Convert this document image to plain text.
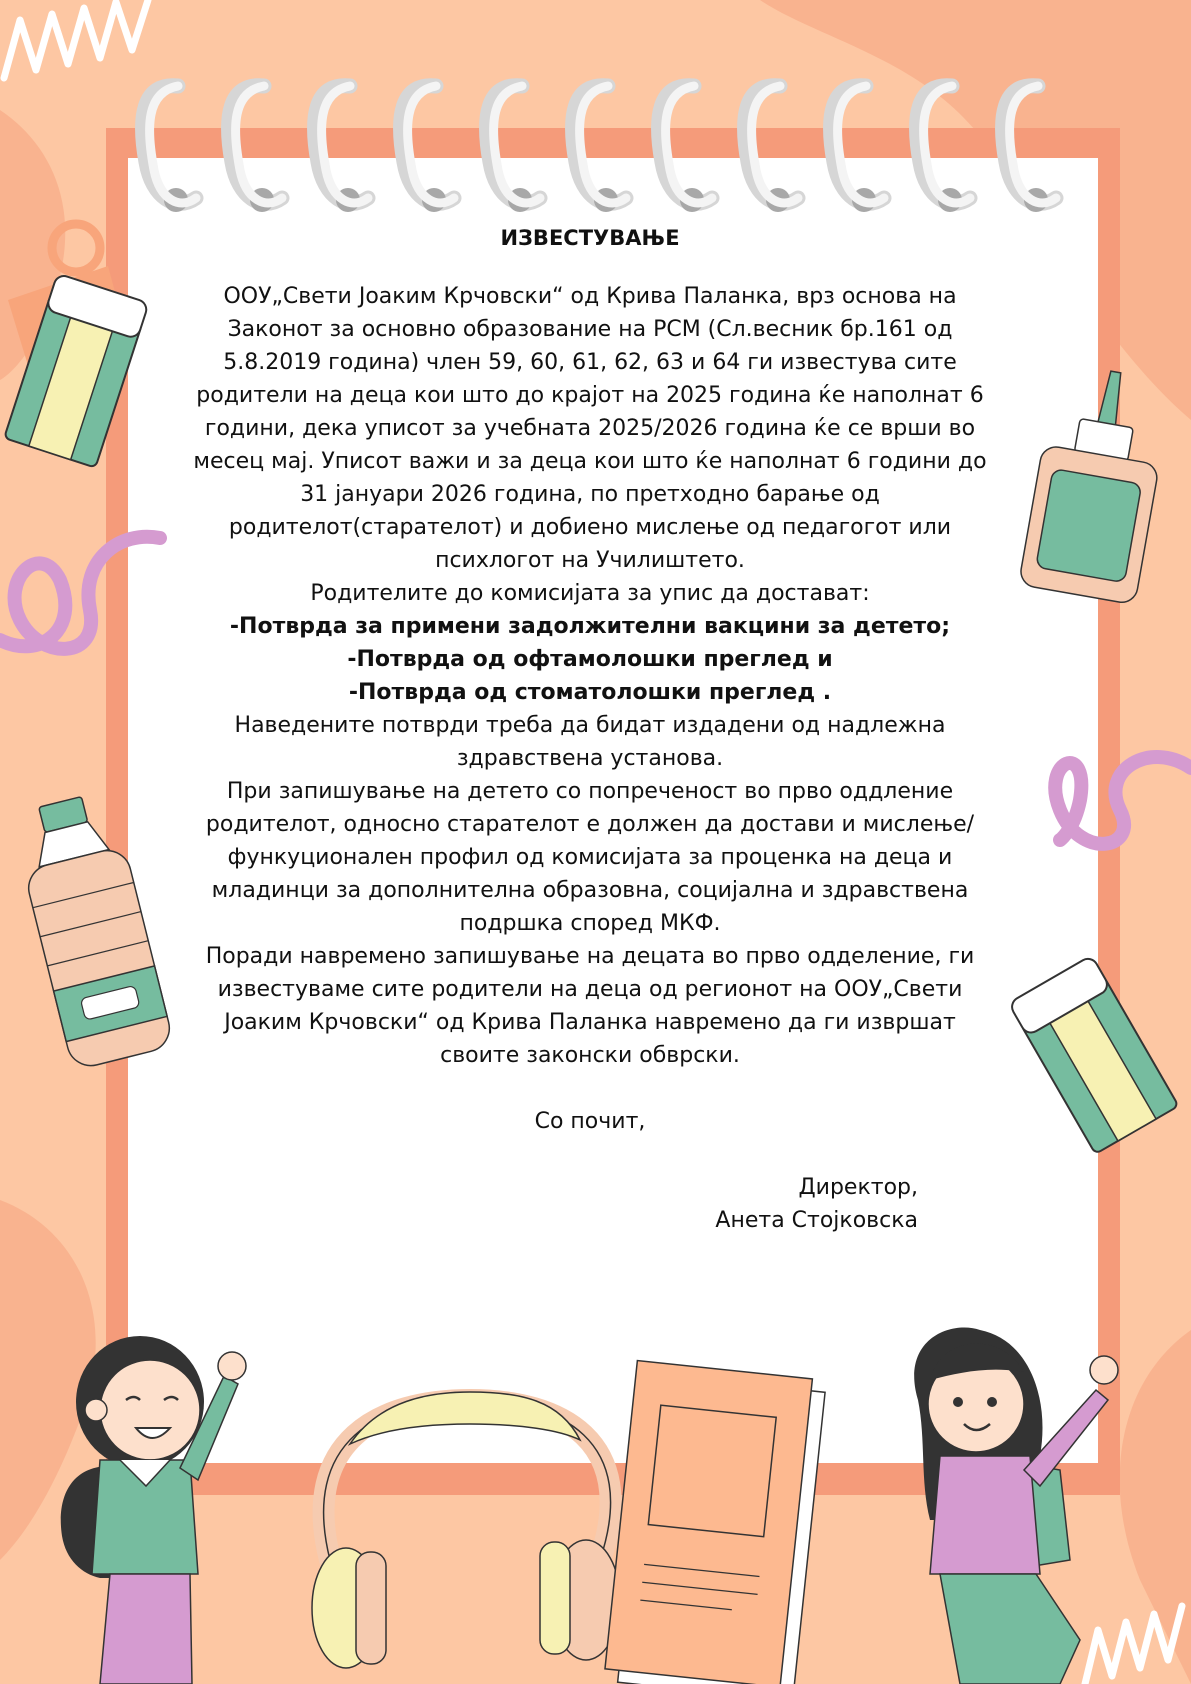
ИЗВЕСТУВАЊЕ

ООУ„Свети Јоаким Крчовски“ од Крива Паланка, врз основа на Законот за основно образование на РСМ (Сл.весник бр.161 од 5.8.2019 година) член 59, 60, 61, 62, 63 и 64 ги известува сите родители на деца кои што до крајот на 2025 година ќе наполнат 6 години, дека уписот за учебната 2025/2026 година ќе се врши во месец мај. Уписот важи и за деца кои што ќе наполнат 6 години до 31 јануари 2026 година, по претходно барање од родителот(старателот) и добиено мислење од педагогот или психлогот на Училиштето.

Родителите до комисијата за упис да достават:

-Потврда за примени задолжителни вакцини за детето;

-Потврда од офтамолошки преглед и

-Потврда од стоматолошки преглед .

Наведените потврди треба да бидат издадени од надлежна здравствена установа.

При запишување на детето со попреченост во прво оддление родителот, односно старателот е должен да достави и мислење/ функуционален профил од комисијата за проценка на деца и младинци за дополнителна образовна, социјална и здравствена подршка според МКФ.

Поради навремено запишување на децата во прво одделение, ги известуваме сите родители на деца од регионот на ООУ„Свети Јоаким Крчовски“ од Крива Паланка навремено да ги извршат своите законски обврски.

Со почит,

Директор,

Анета Стојковска
